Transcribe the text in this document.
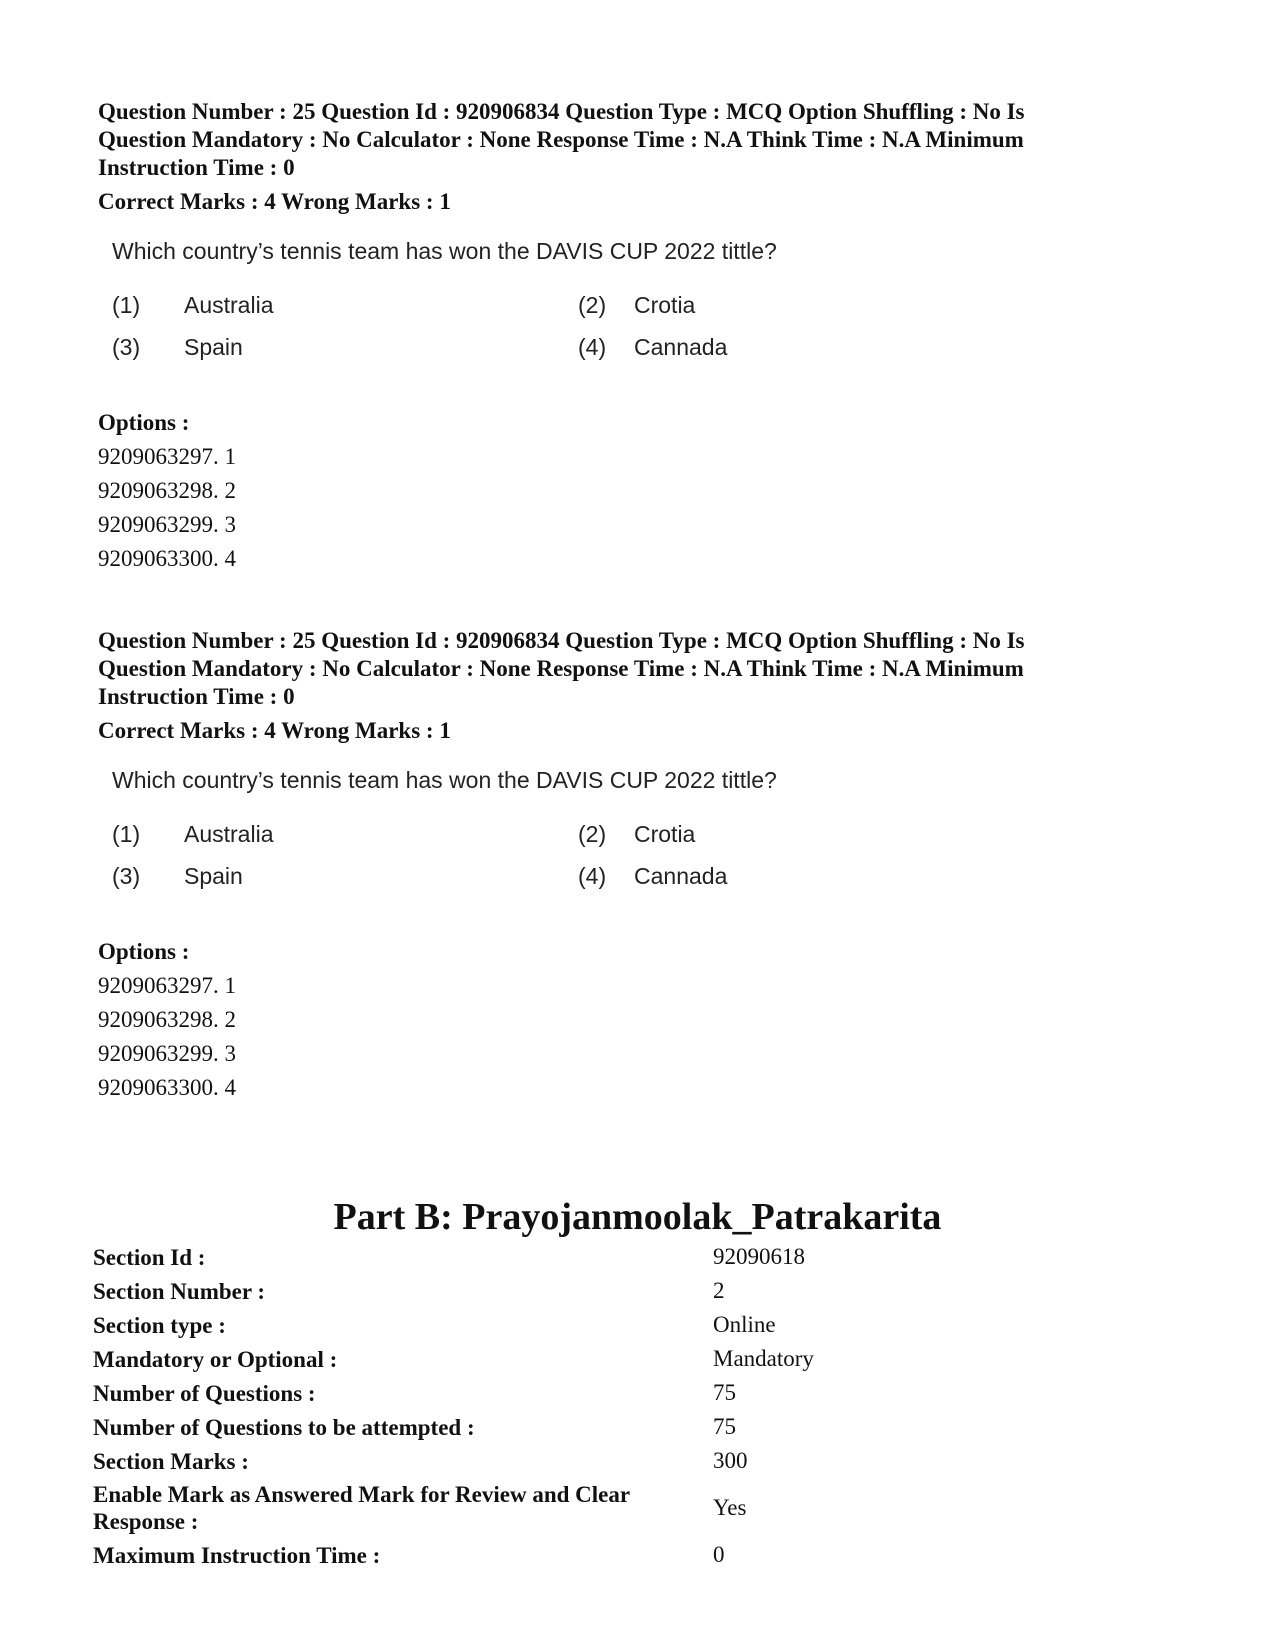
Question Number : 25 Question Id : 920906834 Question Type : MCQ Option Shuffling : No Is
Question Mandatory : No Calculator : None Response Time : N.A Think Time : N.A Minimum
Instruction Time : 0
Correct Marks : 4 Wrong Marks : 1
Which country’s tennis team has won the DAVIS CUP 2022 tittle?
(1) Australia	(2) Crotia
(3) Spain	(4) Cannada
Options :
9209063297. 1
9209063298. 2
9209063299. 3
9209063300. 4
Question Number : 25 Question Id : 920906834 Question Type : MCQ Option Shuffling : No Is
Question Mandatory : No Calculator : None Response Time : N.A Think Time : N.A Minimum
Instruction Time : 0
Correct Marks : 4 Wrong Marks : 1
Which country’s tennis team has won the DAVIS CUP 2022 tittle?
(1) Australia	(2) Crotia
(3) Spain	(4) Cannada
Options :
9209063297. 1
9209063298. 2
9209063299. 3
9209063300. 4
Part B: Prayojanmoolak_Patrakarita
Section Id :	92090618
Section Number :	2
Section type :	Online
Mandatory or Optional :	Mandatory
Number of Questions :	75
Number of Questions to be attempted :	75
Section Marks :	300
Enable Mark as Answered Mark for Review and Clear Response :	Yes
Maximum Instruction Time :	0
